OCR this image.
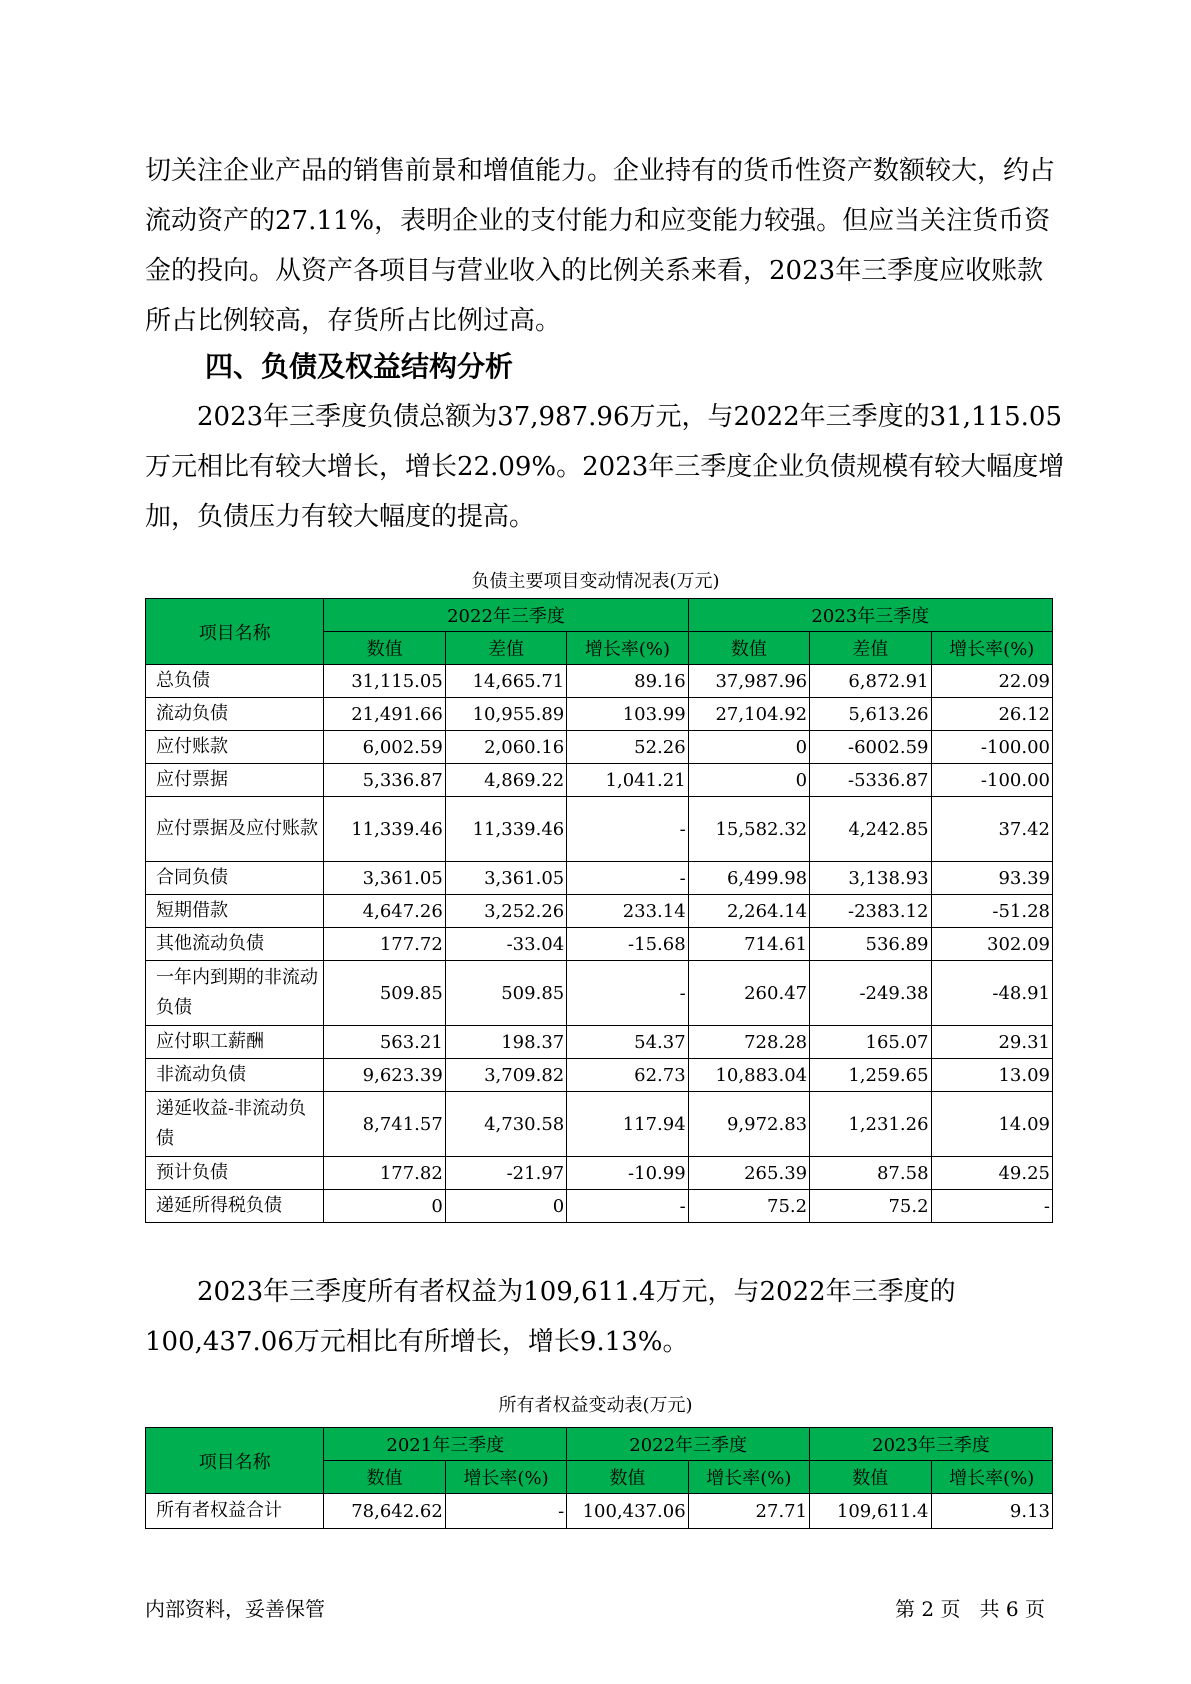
切关注企业产品的销售前景和增值能力。企业持有的货币性资产数额较大，约占流动资产的27.11%，表明企业的支付能力和应变能力较强。但应当关注货币资金的投向。从资产各项目与营业收入的比例关系来看，2023年三季度应收账款所占比例较高，存货所占比例过高。

四、负债及权益结构分析

2023年三季度负债总额为37,987.96万元，与2022年三季度的31,115.05万元相比有较大增长，增长22.09%。2023年三季度企业负债规模有较大幅度增加，负债压力有较大幅度的提高。

负债主要项目变动情况表(万元)
项目名称	2022年三季度			2023年三季度		
	数值	差值	增长率(%)	数值	差值	增长率(%)
总负债	31,115.05	14,665.71	89.16	37,987.96	6,872.91	22.09
流动负债	21,491.66	10,955.89	103.99	27,104.92	5,613.26	26.12
应付账款	6,002.59	2,060.16	52.26	0	-6002.59	-100.00
应付票据	5,336.87	4,869.22	1,041.21	0	-5336.87	-100.00
应付票据及应付账款	11,339.46	11,339.46	-	15,582.32	4,242.85	37.42
合同负债	3,361.05	3,361.05	-	6,499.98	3,138.93	93.39
短期借款	4,647.26	3,252.26	233.14	2,264.14	-2383.12	-51.28
其他流动负债	177.72	-33.04	-15.68	714.61	536.89	302.09
一年内到期的非流动负债	509.85	509.85	-	260.47	-249.38	-48.91
应付职工薪酬	563.21	198.37	54.37	728.28	165.07	29.31
非流动负债	9,623.39	3,709.82	62.73	10,883.04	1,259.65	13.09
递延收益-非流动负债	8,741.57	4,730.58	117.94	9,972.83	1,231.26	14.09
预计负债	177.82	-21.97	-10.99	265.39	87.58	49.25
递延所得税负债	0	0	-	75.2	75.2	-

2023年三季度所有者权益为109,611.4万元，与2022年三季度的100,437.06万元相比有所增长，增长9.13%。

所有者权益变动表(万元)
项目名称	2021年三季度		2022年三季度		2023年三季度	
	数值	增长率(%)	数值	增长率(%)	数值	增长率(%)
所有者权益合计	78,642.62	-	100,437.06	27.71	109,611.4	9.13
内部资料，妥善保管	第 2 页   共 6 页
